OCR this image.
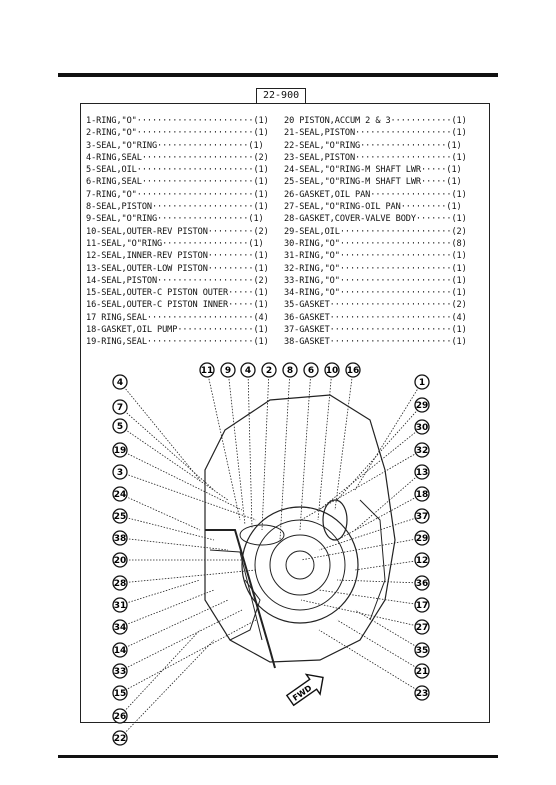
22-900
1-RING,"O"·······················(1)
2-RING,"O"·······················(1)
3-SEAL,"O"RING··················(1)
4-RING,SEAL······················(2)
5-SEAL,OIL·······················(1)
6-RING,SEAL······················(1)
7-RING,"O"·······················(1)
8-SEAL,PISTON····················(1)
9-SEAL,"O"RING··················(1)
10-SEAL,OUTER-REV PISTON·········(2)
11-SEAL,"O"RING·················(1)
12-SEAL,INNER-REV PISTON·········(1)
13-SEAL,OUTER-LOW PISTON·········(1)
14-SEAL,PISTON···················(2)
15-SEAL,OUTER-C PISTON OUTER·····(1)
16-SEAL,OUTER-C PISTON INNER·····(1)
17 RING,SEAL·····················(4)
18-GASKET,OIL PUMP···············(1)
19-RING,SEAL·····················(1)
20 PISTON,ACCUM 2 & 3············(1)
21-SEAL,PISTON···················(1)
22-SEAL,"O"RING·················(1)
23-SEAL,PISTON···················(1)
24-SEAL,"O"RING-M SHAFT LWR·····(1)
25-SEAL,"O"RING-M SHAFT LWR·····(1)
26-GASKET,OIL PAN················(1)
27-SEAL,"O"RING-OIL PAN·········(1)
28-GASKET,COVER-VALVE BODY·······(1)
29-SEAL,OIL······················(2)
30-RING,"O"······················(8)
31-RING,"O"······················(1)
32-RING,"O"······················(1)
33-RING,"O"······················(1)
34-RING,"O"······················(1)
35-GASKET························(2)
36-GASKET························(4)
37-GASKET························(1)
38-GASKET························(1)
11 9 4 2 8 6 10 16
4
7
5
19
3
24
25
38
20
28
31
34
14
33
15
26
22
1
29
30
32
13
18
37
29
12
36
17
27
35
21
23
FWD
